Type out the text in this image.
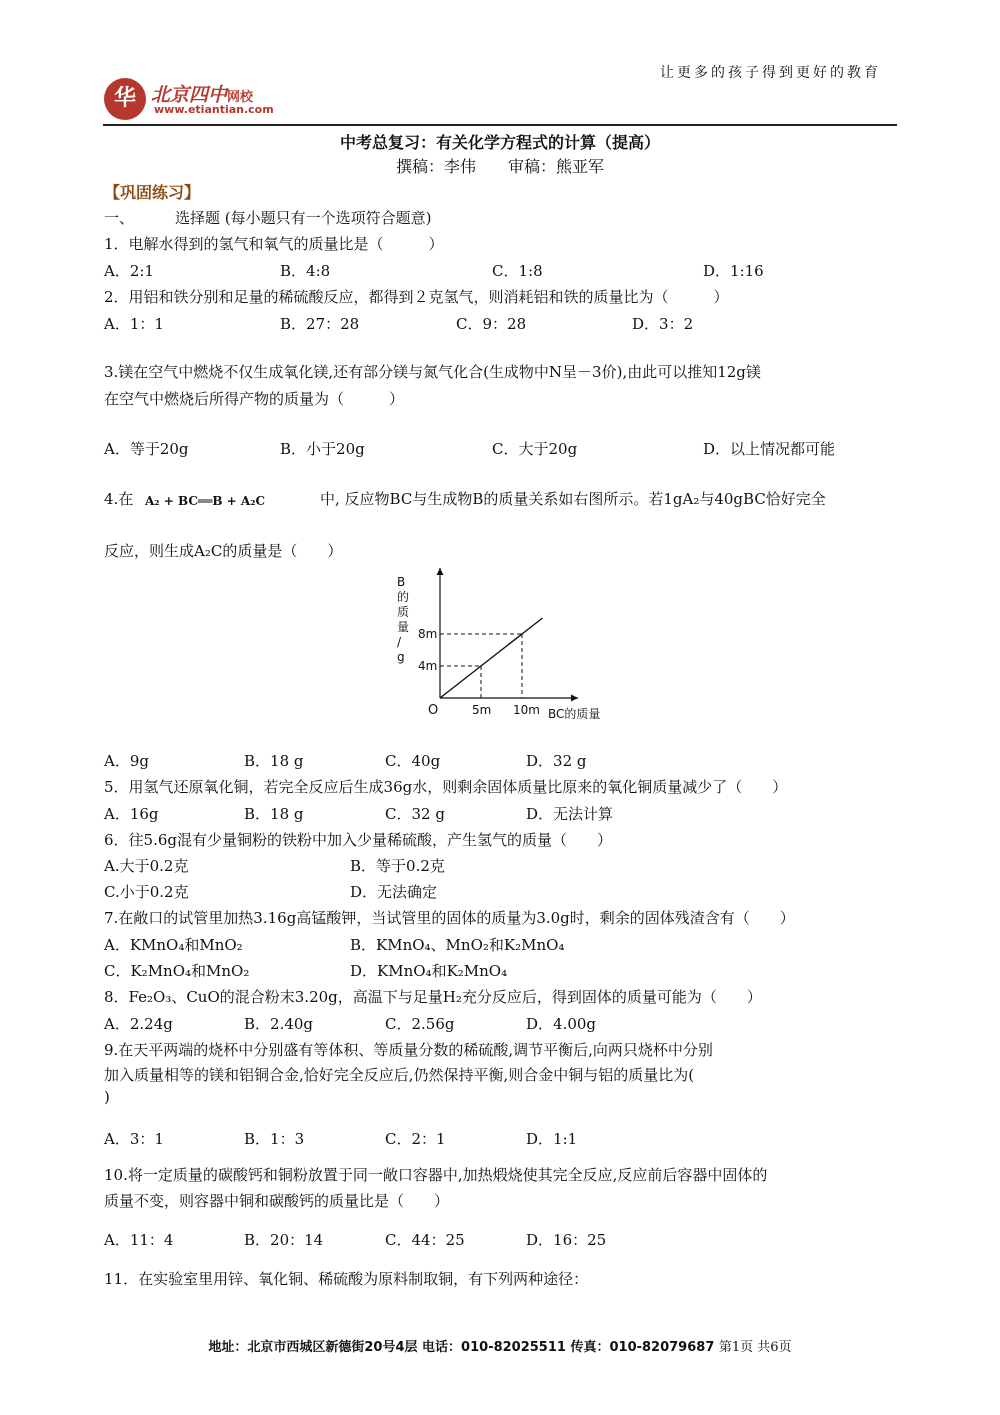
华 北京四中网校
www.etiantian.com
让更多的孩子得到更好的教育
中考总复习：有关化学方程式的计算（提高）
撰稿：李伟　　审稿：熊亚军
【巩固练习】
一、	选择题 (每小题只有一个选项符合题意)
1．电解水得到的氢气和氧气的质量比是（　　　）
A．2:1	B．4:8	C．1:8	D．1:16
2．用铝和铁分别和足量的稀硫酸反应，都得到２克氢气，则消耗铝和铁的质量比为（　　　）
A．1：1	B．27：28	C．9：28	D．3：2
3.镁在空气中燃烧不仅生成氧化镁,还有部分镁与氮气化合(生成物中N呈－3价),由此可以推知12g镁
在空气中燃烧后所得产物的质量为（　　　）
A．等于20g	B．小于20g	C．大于20g	D．以上情况都可能
4.在 A₂ + BC══B + A₂C	中, 反应物BC与生成物B的质量关系如右图所示。若1gA₂与40gBC恰好完全
反应，则生成A₂C的质量是（　　）
B
的
质
量
/
g
O	BC的质量
5m
4m
10m
8m
A．9g	B．18 g	C．40g	D．32 g
5．用氢气还原氧化铜，若完全反应后生成36g水，则剩余固体质量比原来的氧化铜质量减少了（　　）
A．16g	B．18 g	C．32 g	D．无法计算
6．往5.6g混有少量铜粉的铁粉中加入少量稀硫酸，产生氢气的质量（　　）
A.大于0.2克	B．等于0.2克
C.小于0.2克	D．无法确定
7.在敞口的试管里加热3.16g高锰酸钾，当试管里的固体的质量为3.0g时，剩余的固体残渣含有（　　）
A．KMnO₄和MnO₂	B．KMnO₄、MnO₂和K₂MnO₄
C．K₂MnO₄和MnO₂	D．KMnO₄和K₂MnO₄
8．Fe₂O₃、CuO的混合粉末3.20g，高温下与足量H₂充分反应后，得到固体的质量可能为（　　）
A．2.24g	B．2.40g	C．2.56g	D．4.00g
9.在天平两端的烧杯中分别盛有等体积、等质量分数的稀硫酸,调节平衡后,向两只烧杯中分别
加入质量相等的镁和铝铜合金,恰好完全反应后,仍然保持平衡,则合金中铜与铝的质量比为(
)
A．3：1	B．1：3	C．2：1	D．1:1
10.将一定质量的碳酸钙和铜粉放置于同一敞口容器中,加热煅烧使其完全反应,反应前后容器中固体的
质量不变，则容器中铜和碳酸钙的质量比是（　　）
A．11：4	B．20：14	C．44：25	D．16：25
11．在实验室里用锌、氧化铜、稀硫酸为原料制取铜，有下列两种途径：
地址：北京市西城区新德街20号4层 电话：010-82025511 传真：010-82079687 第1页 共6页
